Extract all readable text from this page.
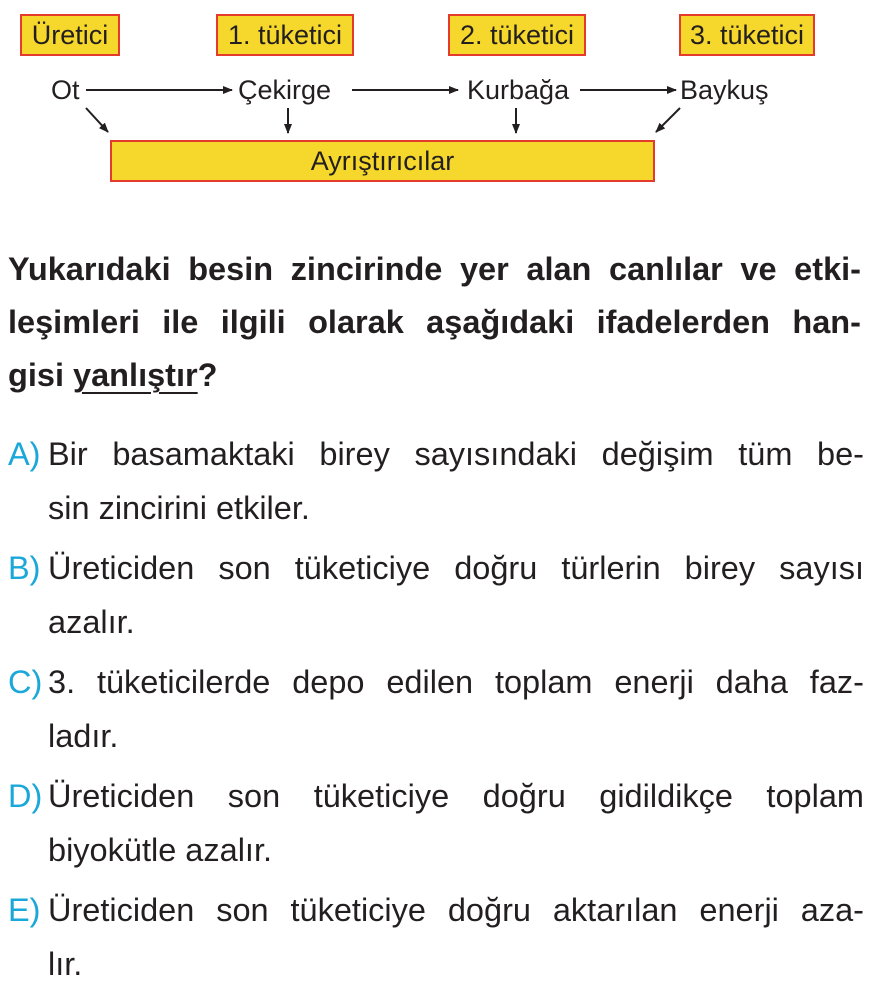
Üretici	1. tüketici	2. tüketici	3. tüketici
Ot	Çekirge	Kurbağa	Baykuş
Ayrıştırıcılar
Yukarıdaki besin zincirinde yer alan canlılar ve etki-
leşimleri ile ilgili olarak aşağıdaki ifadelerden han-
gisi yanlıştır?
A) Bir basamaktaki birey sayısındaki değişim tüm be-
sin zincirini etkiler.
B) Üreticiden son tüketiciye doğru türlerin birey sayısı
azalır.
C) 3. tüketicilerde depo edilen toplam enerji daha faz-
ladır.
D) Üreticiden son tüketiciye doğru gidildikçe toplam
biyokütle azalır.
E) Üreticiden son tüketiciye doğru aktarılan enerji aza-
lır.
